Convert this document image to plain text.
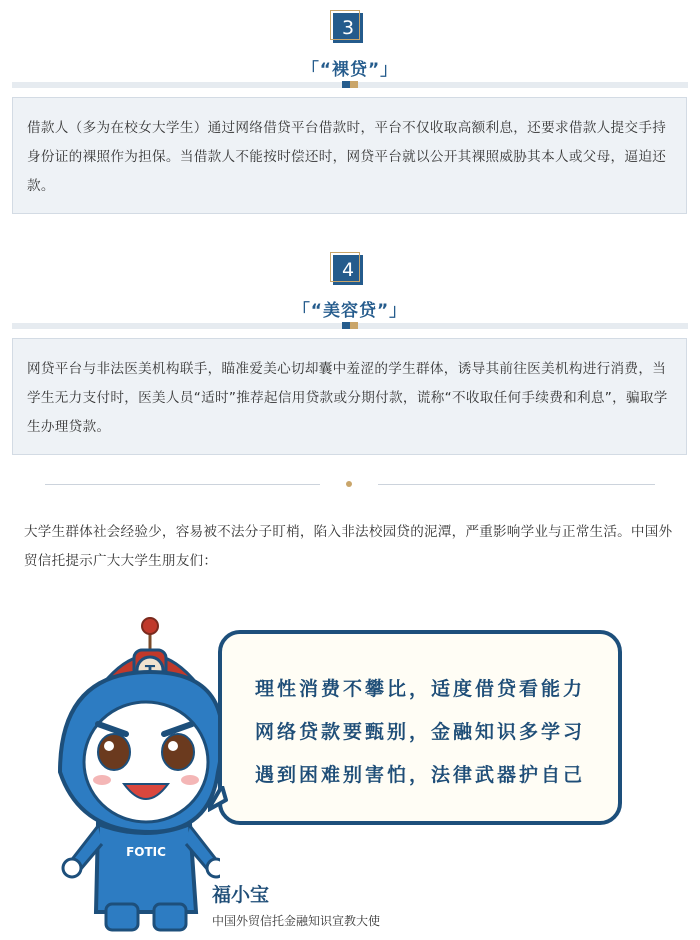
3
「“裸贷”」
借款人（多为在校女大学生）通过网络借贷平台借款时，平台不仅收取高额利息，还要求借款人提交手持身份证的裸照作为担保。当借款人不能按时偿还时，网贷平台就以公开其裸照威胁其本人或父母，逼迫还款。
4
「“美容贷”」
网贷平台与非法医美机构联手，瞄准爱美心切却囊中羞涩的学生群体，诱导其前往医美机构进行消费，当学生无力支付时，医美人员“适时”推荐起信用贷款或分期付款，谎称“不收取任何手续费和利息”，骗取学生办理贷款。
大学生群体社会经验少，容易被不法分子盯梢，陷入非法校园贷的泥潭，严重影响学业与正常生活。中国外贸信托提示广大大学生朋友们：
FOTIC
理性消费不攀比，适度借贷看能力
网络贷款要甄别，金融知识多学习
遇到困难别害怕，法律武器护自己
福小宝
中国外贸信托金融知识宣教大使
